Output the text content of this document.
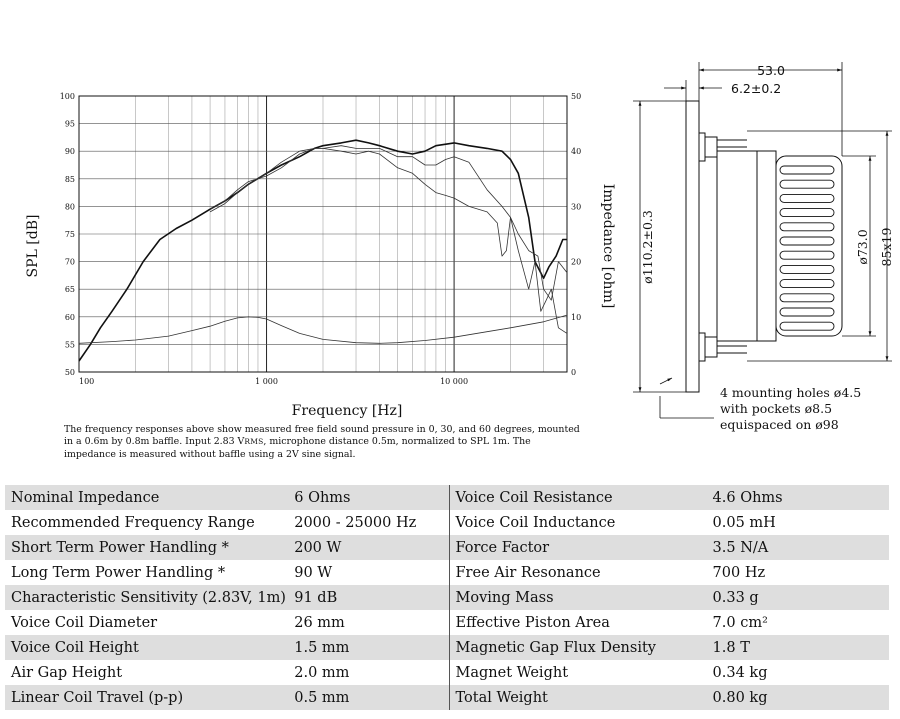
50
55
60
65
70
75
80
85
90
95
100
0
10
20
30
40
50
100	1 000	10 000
Frequency [Hz]
SPL [dB]	Impedance [ohm]
53.0
6.2±0.2
ø110.2±0.3	ø73.0 85x19
4 mounting holes ø4.5
with pockets ø8.5
equispaced on ø98
The frequency responses above show measured free field sound pressure in 0, 30, and 60 degrees, mounted in a 0.6m by 0.8m baffle. Input 2.83 VRMS, microphone distance 0.5m, normalized to SPL 1m. The impedance is measured without baffle using a 2V sine signal.
Nominal Impedance	6 Ohms	Voice Coil Resistance	4.6 Ohms
Recommended Frequency Range	2000 - 25000 Hz	Voice Coil Inductance	0.05 mH
Short Term Power Handling *	200 W	Force Factor	3.5 N/A
Long Term Power Handling *	90 W	Free Air Resonance	700 Hz
Characteristic Sensitivity (2.83V, 1m)	91 dB	Moving Mass	0.33 g
Voice Coil Diameter	26 mm	Effective Piston Area	7.0 cm²
Voice Coil Height	1.5 mm	Magnetic Gap Flux Density	1.8 T
Air Gap Height	2.0 mm	Magnet Weight	0.34 kg
Linear Coil Travel (p-p)	0.5 mm	Total Weight	0.80 kg
